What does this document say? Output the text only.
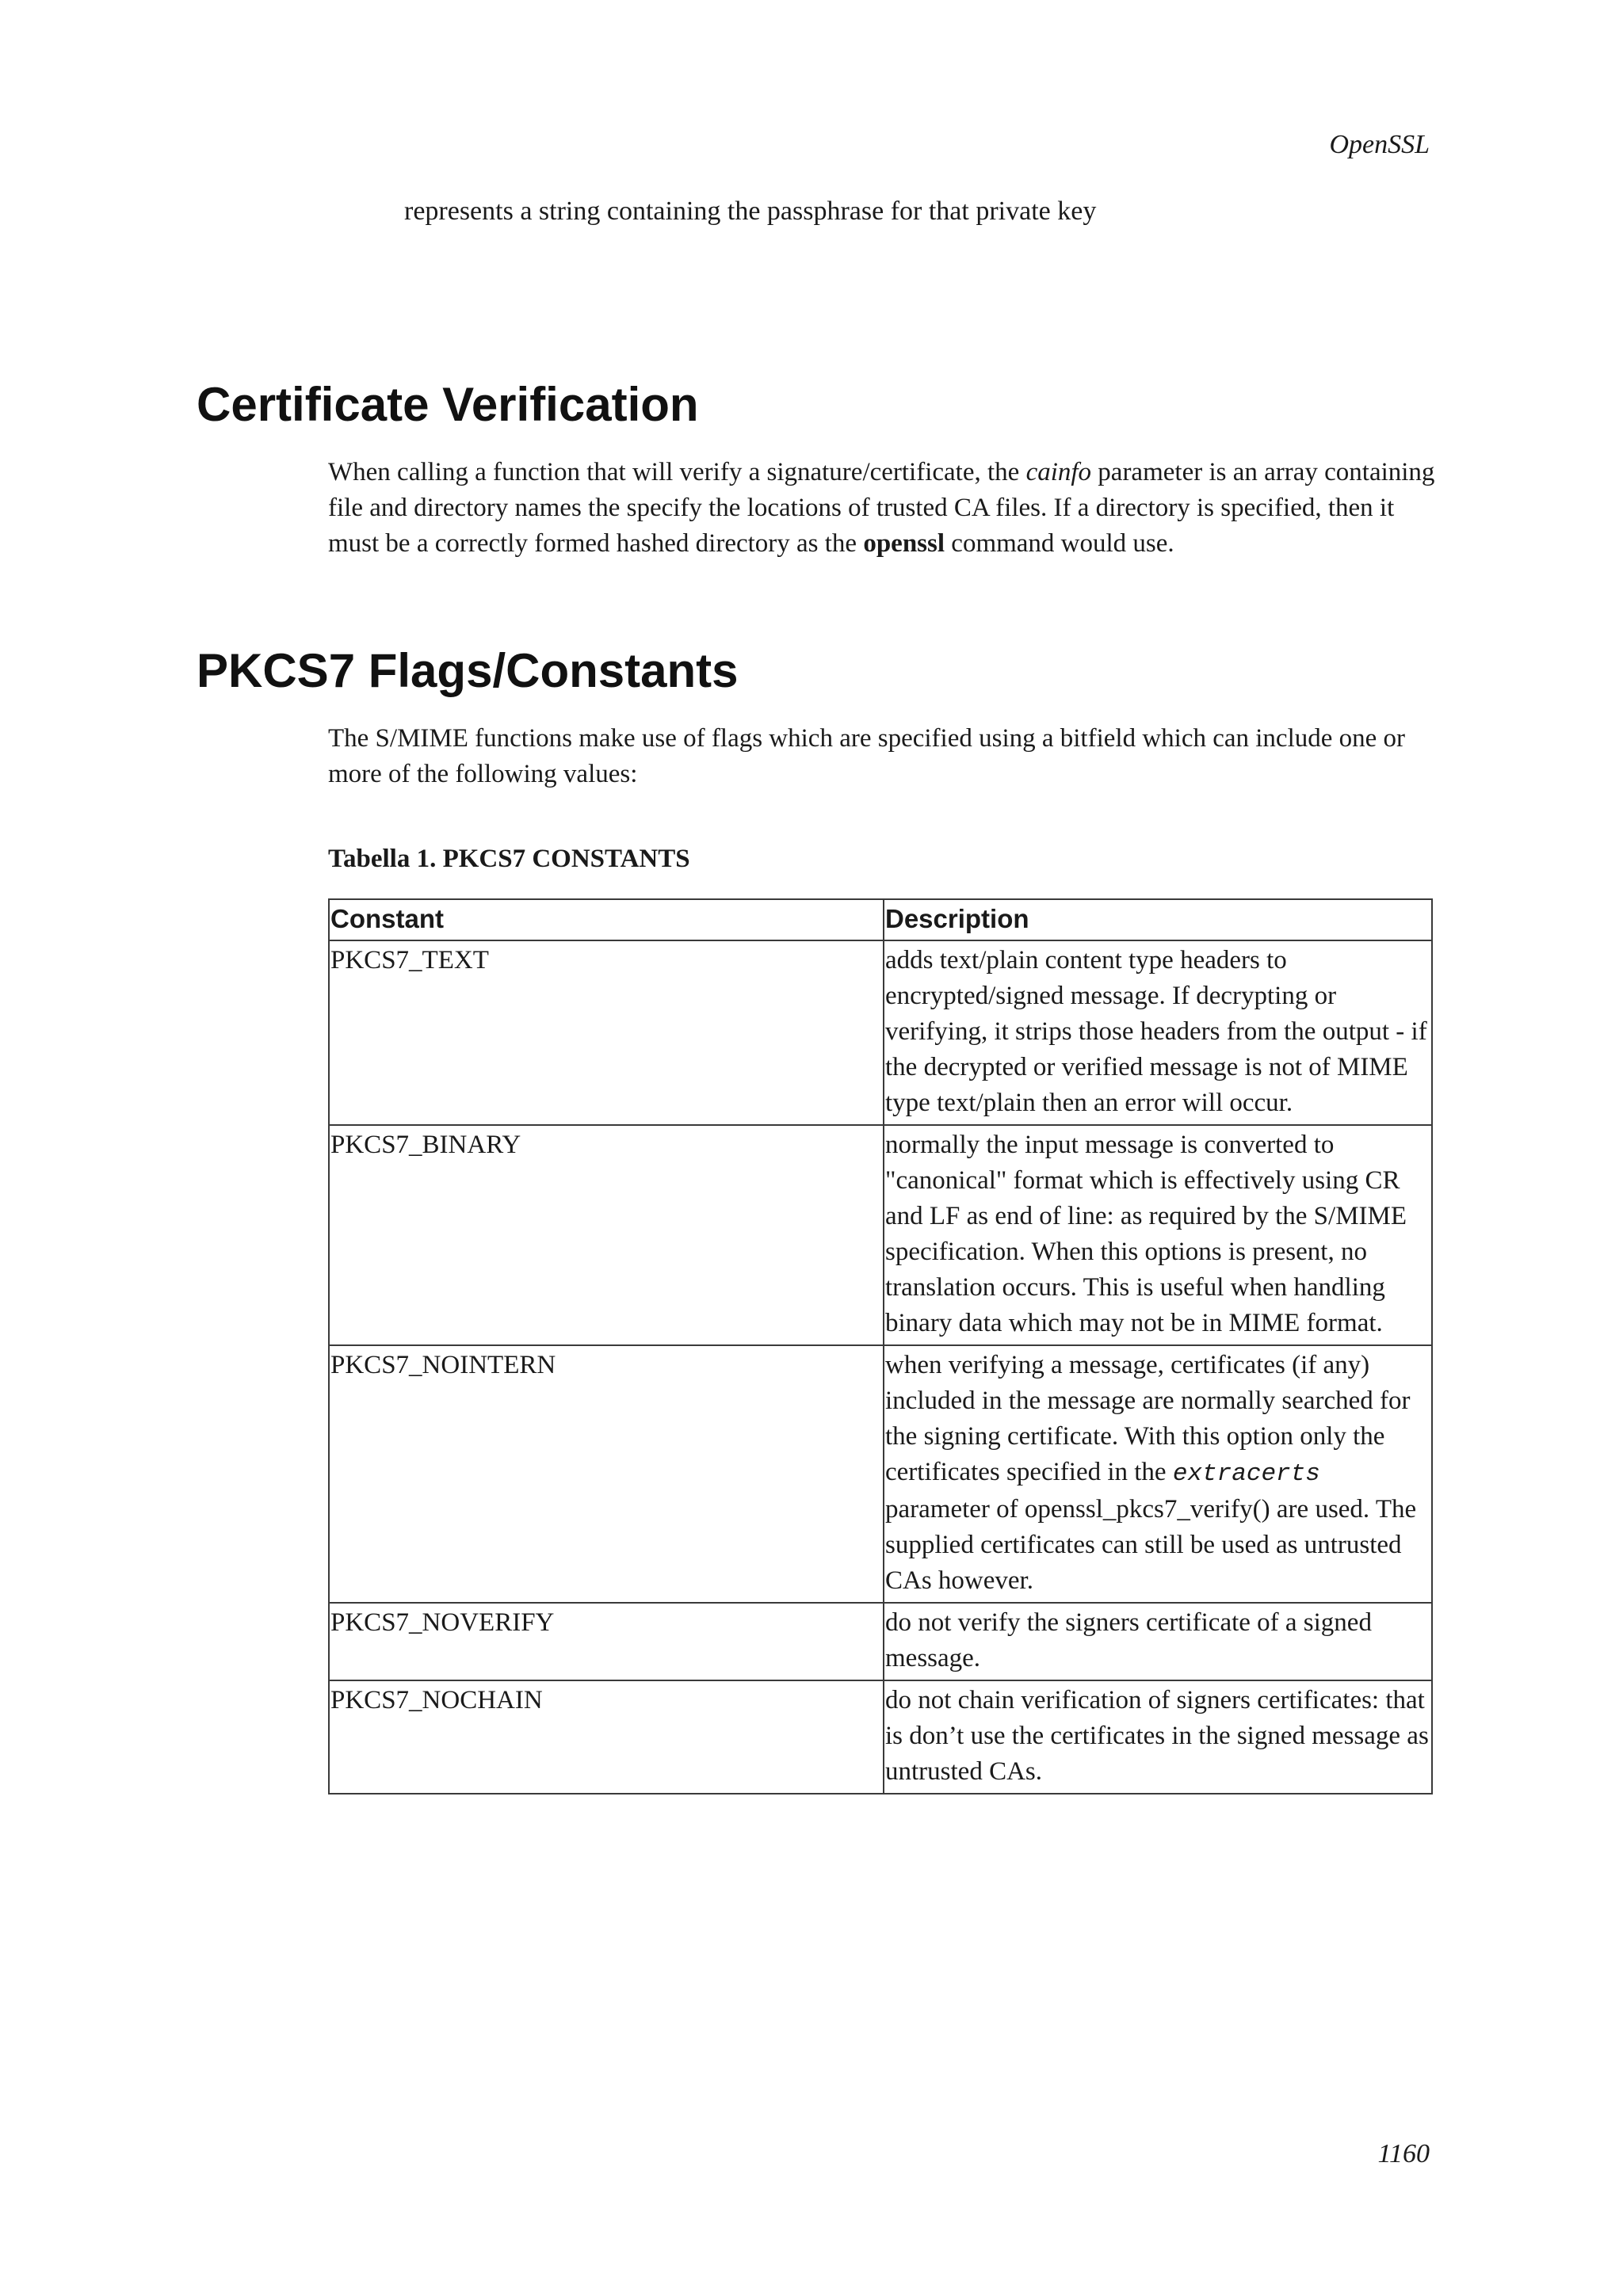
OpenSSL
represents a string containing the passphrase for that private key
Certificate Verification

When calling a function that will verify a signature/certificate, the cainfo parameter is an array containing file and directory names the specify the locations of trusted CA files. If a directory is specified, then it must be a correctly formed hashed directory as the openssl command would use.

PKCS7 Flags/Constants

The S/MIME functions make use of flags which are specified using a bitfield which can include one or more of the following values:

Tabella 1. PKCS7 CONSTANTS
Constant	Description
PKCS7_TEXT	adds text/plain content type headers to encrypted/signed message. If decrypting or verifying, it strips those headers from the output - if the decrypted or verified message is not of MIME type text/plain then an error will occur.
PKCS7_BINARY	normally the input message is converted to "canonical" format which is effectively using CR and LF as end of line: as required by the S/MIME specification. When this options is present, no translation occurs. This is useful when handling binary data which may not be in MIME format.
PKCS7_NOINTERN	when verifying a message, certificates (if any) included in the message are normally searched for the signing certificate. With this option only the certificates specified in the extracerts parameter of openssl_pkcs7_verify() are used. The supplied certificates can still be used as untrusted CAs however.
PKCS7_NOVERIFY	do not verify the signers certificate of a signed message.
PKCS7_NOCHAIN	do not chain verification of signers certificates: that is don’t use the certificates in the signed message as untrusted CAs.
1160
